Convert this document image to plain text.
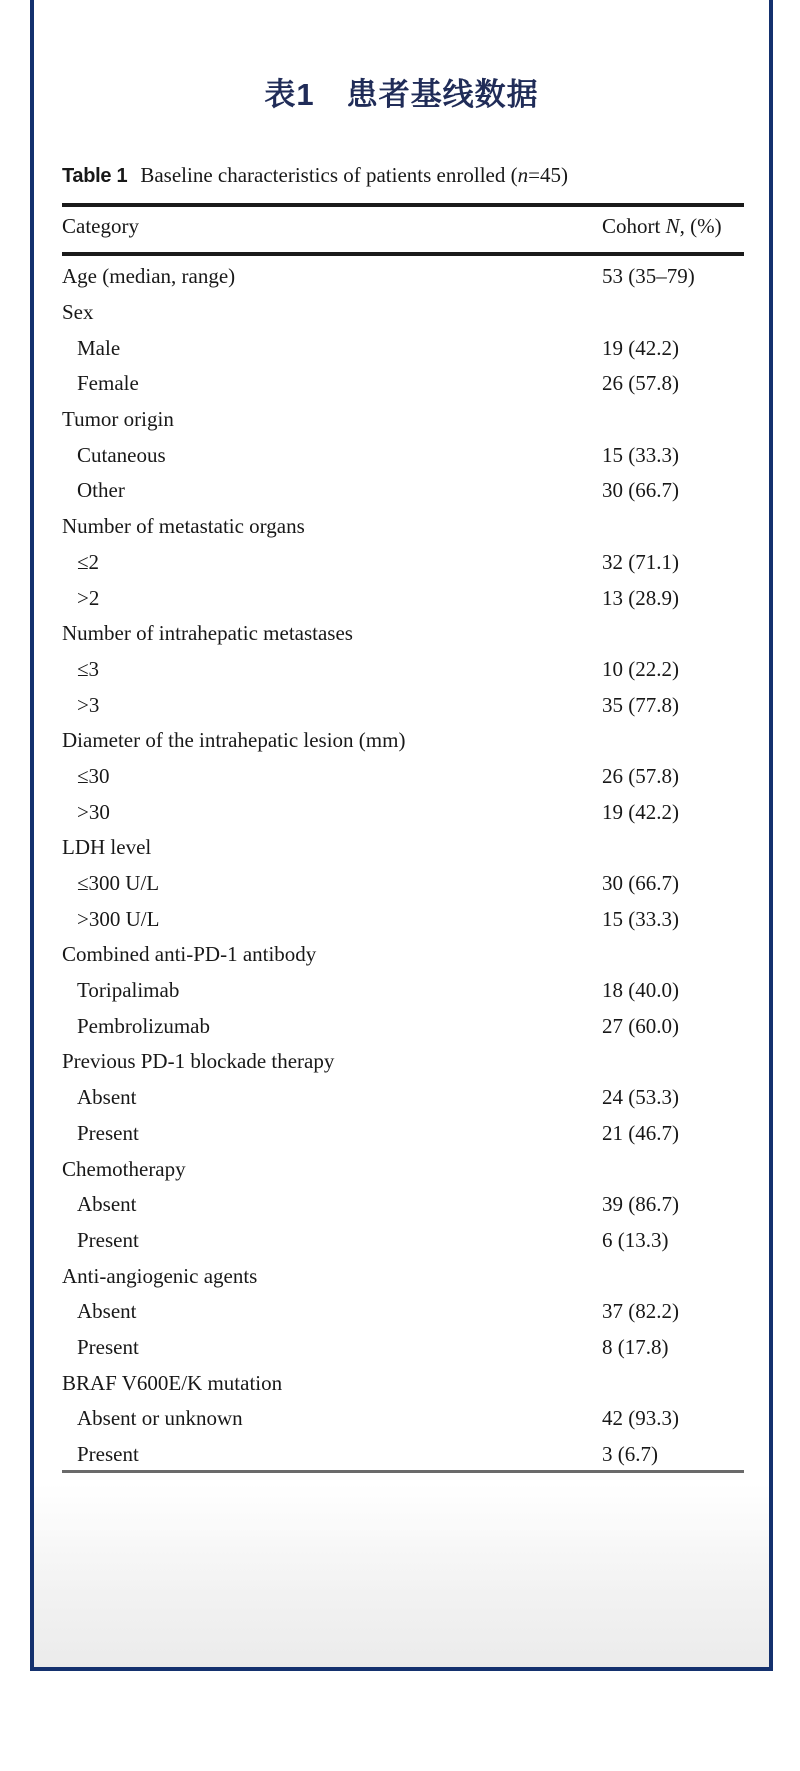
表1　患者基线数据
Table 1 Baseline characteristics of patients enrolled (n=45)
Category	Cohort N, (%)
Age (median, range)	53 (35–79)
Sex
Male	19 (42.2)
Female	26 (57.8)
Tumor origin
Cutaneous	15 (33.3)
Other	30 (66.7)
Number of metastatic organs
≤2	32 (71.1)
>2	13 (28.9)
Number of intrahepatic metastases
≤3	10 (22.2)
>3	35 (77.8)
Diameter of the intrahepatic lesion (mm)
≤30	26 (57.8)
>30	19 (42.2)
LDH level
≤300 U/L	30 (66.7)
>300 U/L	15 (33.3)
Combined anti-PD-1 antibody
Toripalimab	18 (40.0)
Pembrolizumab	27 (60.0)
Previous PD-1 blockade therapy
Absent	24 (53.3)
Present	21 (46.7)
Chemotherapy
Absent	39 (86.7)
Present	6 (13.3)
Anti-angiogenic agents
Absent	37 (82.2)
Present	8 (17.8)
BRAF V600E/K mutation
Absent or unknown	42 (93.3)
Present	3 (6.7)
